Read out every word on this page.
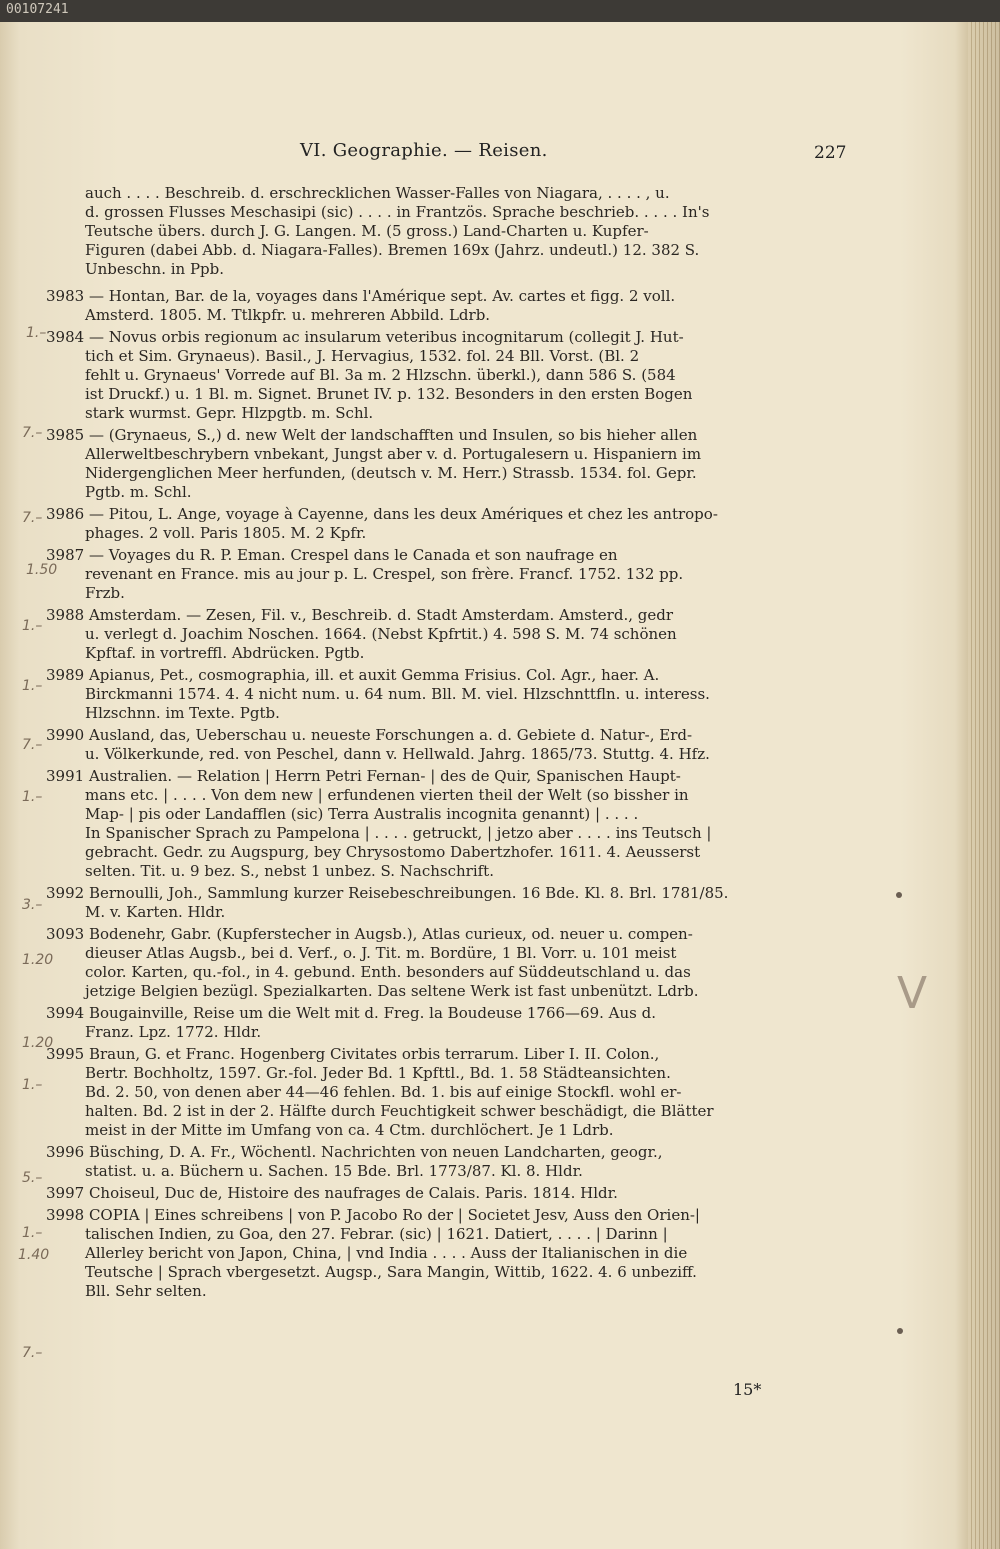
00107241
VI. Geographie. — Reisen.	227
auch . . . . Beschreib. d. erschrecklichen Wasser-Falles von Niagara, . . . . , u.
d. grossen Flusses Meschasipi (sic) . . . . in Frantzös. Sprache beschrieb. . . . . In's
Teutsche übers. durch J. G. Langen. M. (5 gross.) Land-Charten u. Kupfer-
Figuren (dabei Abb. d. Niagara-Falles). Bremen 169x (Jahrz. undeutl.) 12. 382 S.
Unbeschn. in Ppb.
3983 — Hontan, Bar. de la, voyages dans l'Amérique sept. Av. cartes et figg. 2 voll.
Amsterd. 1805. M. Ttlkpfr. u. mehreren Abbild. Ldrb.
3984 — Novus orbis regionum ac insularum veteribus incognitarum (collegit J. Hut-
tich et Sim. Grynaeus). Basil., J. Hervagius, 1532. fol. 24 Bll. Vorst. (Bl. 2
fehlt u. Grynaeus' Vorrede auf Bl. 3a m. 2 Hlzschn. überkl.), dann 586 S. (584
ist Druckf.) u. 1 Bl. m. Signet. Brunet IV. p. 132. Besonders in den ersten Bogen
stark wurmst. Gepr. Hlzpgtb. m. Schl.
3985 — (Grynaeus, S.,) d. new Welt der landschafften und Insulen, so bis hieher allen
Allerweltbeschrybern vnbekant, Jungst aber v. d. Portugalesern u. Hispaniern im
Nidergenglichen Meer herfunden, (deutsch v. M. Herr.) Strassb. 1534. fol. Gepr.
Pgtb. m. Schl.
3986 — Pitou, L. Ange, voyage à Cayenne, dans les deux Amériques et chez les antropo-
phages. 2 voll. Paris 1805. M. 2 Kpfr.
3987 — Voyages du R. P. Eman. Crespel dans le Canada et son naufrage en
revenant en France. mis au jour p. L. Crespel, son frère. Francf. 1752. 132 pp.
Frzb.
3988 Amsterdam. — Zesen, Fil. v., Beschreib. d. Stadt Amsterdam. Amsterd., gedr
u. verlegt d. Joachim Noschen. 1664. (Nebst Kpfrtit.) 4. 598 S. M. 74 schönen
Kpftaf. in vortreffl. Abdrücken. Pgtb.
3989 Apianus, Pet., cosmographia, ill. et auxit Gemma Frisius. Col. Agr., haer. A.
Birckmanni 1574. 4. 4 nicht num. u. 64 num. Bll. M. viel. Hlzschnttfln. u. interess.
Hlzschnn. im Texte. Pgtb.
3990 Ausland, das, Ueberschau u. neueste Forschungen a. d. Gebiete d. Natur-, Erd-
u. Völkerkunde, red. von Peschel, dann v. Hellwald. Jahrg. 1865/73. Stuttg. 4. Hfz.
3991 Australien. — Relation | Herrn Petri Fernan- | des de Quir, Spanischen Haupt-
mans etc. | . . . . Von dem new | erfundenen vierten theil der Welt (so bissher in
Map- | pis oder Landafflen (sic) Terra Australis incognita genannt) | . . . .
In Spanischer Sprach zu Pampelona | . . . . getruckt, | jetzo aber . . . . ins Teutsch |
gebracht. Gedr. zu Augspurg, bey Chrysostomo Dabertzhofer. 1611. 4. Aeusserst
selten. Tit. u. 9 bez. S., nebst 1 unbez. S. Nachschrift.
3992 Bernoulli, Joh., Sammlung kurzer Reisebeschreibungen. 16 Bde. Kl. 8. Brl. 1781/85.
M. v. Karten. Hldr.
3093 Bodenehr, Gabr. (Kupferstecher in Augsb.), Atlas curieux, od. neuer u. compen-
dieuser Atlas Augsb., bei d. Verf., o. J. Tit. m. Bordüre, 1 Bl. Vorr. u. 101 meist
color. Karten, qu.-fol., in 4. gebund. Enth. besonders auf Süddeutschland u. das
jetzige Belgien bezügl. Spezialkarten. Das seltene Werk ist fast unbenützt. Ldrb.
3994 Bougainville, Reise um die Welt mit d. Freg. la Boudeuse 1766—69. Aus d.
Franz. Lpz. 1772. Hldr.
3995 Braun, G. et Franc. Hogenberg Civitates orbis terrarum. Liber I. II. Colon.,
Bertr. Bochholtz, 1597. Gr.-fol. Jeder Bd. 1 Kpfttl., Bd. 1. 58 Städteansichten.
Bd. 2. 50, von denen aber 44—46 fehlen. Bd. 1. bis auf einige Stockfl. wohl er-
halten. Bd. 2 ist in der 2. Hälfte durch Feuchtigkeit schwer beschädigt, die Blätter
meist in der Mitte im Umfang von ca. 4 Ctm. durchlöchert. Je 1 Ldrb.
3996 Büsching, D. A. Fr., Wöchentl. Nachrichten von neuen Landcharten, geogr.,
statist. u. a. Büchern u. Sachen. 15 Bde. Brl. 1773/87. Kl. 8. Hldr.
3997 Choiseul, Duc de, Histoire des naufrages de Calais. Paris. 1814. Hldr.
3998 COPIA | Eines schreibens | von P. Jacobo Ro der | Societet Jesv, Auss den Orien-|
talischen Indien, zu Goa, den 27. Febrar. (sic) | 1621. Datiert, . . . . | Darinn |
Allerley bericht von Japon, China, | vnd India . . . . Auss der Italianischen in die
Teutsche | Sprach vbergesetzt. Augsp., Sara Mangin, Wittib, 1622. 4. 6 unbeziff.
Bll. Sehr selten.
1.–
7.–
7.–
1.50
1.–
1.–
7.–
1.–
3.–
1.20
1.20
1.–
5.–
1.–
1.40
7.–
V
15*
